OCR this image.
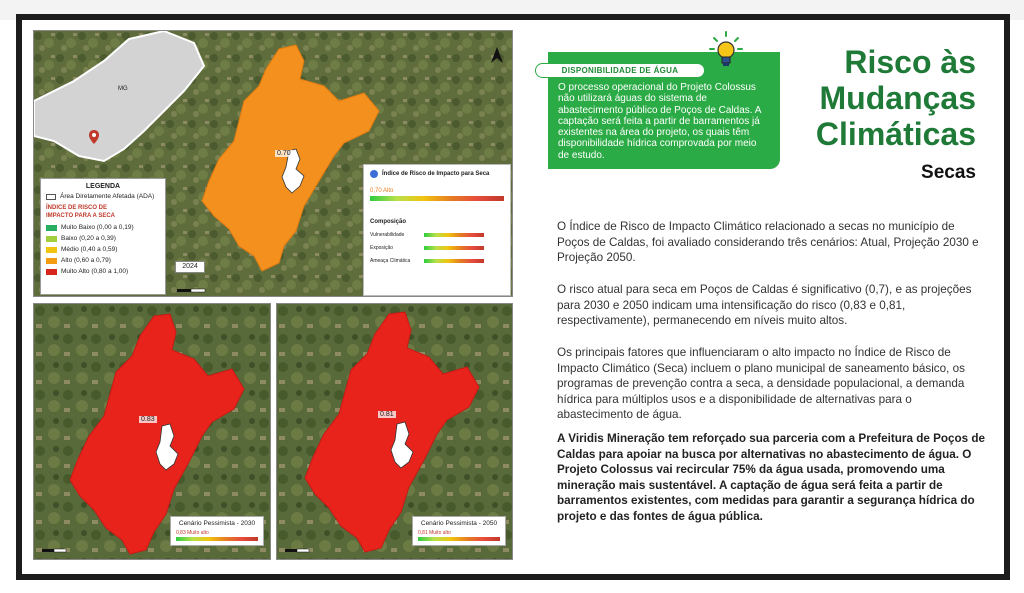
MG
0.70
LEGENDA
Área Diretamente Afetada (ADA)
ÍNDICE DE RISCO DE
IMPACTO PARA A SECA
Muito Baixo (0,00 a 0,19)
Baixo (0,20 a 0,39)
Médio (0,40 a 0,59)
Alto (0,60 a 0,79)
Muito Alto (0,80 a 1,00)
2024
Índice de Risco de Impacto para Seca
0,70 Alto
Composição
Vulnerabilidade
Exposição
Ameaça Climática
0.83
Cenário Pessimista - 2030
0,83 Muito alto
0.81
Cenário Pessimista - 2050
0,81 Muito alto
O processo operacional do Projeto Colossus não utilizará águas do sistema de abastecimento público de Poços de Caldas. A captação será feita a partir de barramentos já existentes na área do projeto, os quais têm disponibilidade hídrica comprovada por meio de estudo.
DISPONIBILIDADE DE ÁGUA	Risco às
Mudanças
Climáticas
Secas
O Índice de Risco de Impacto Climático relacionado a secas no município de Poços de Caldas, foi avaliado considerando três cenários: Atual, Projeção 2030 e Projeção 2050.
O risco atual para seca em Poços de Caldas é significativo (0,7), e as projeções para 2030 e 2050 indicam uma intensificação do risco (0,83 e 0,81, respectivamente), permanecendo em níveis muito altos.
Os principais fatores que influenciaram o alto impacto no Índice de Risco de Impacto Climático (Seca) incluem o plano municipal de saneamento básico, os programas de prevenção contra a seca, a densidade populacional, a demanda hídrica para múltiplos usos e a disponibilidade de alternativas para o abastecimento de água.
A Viridis Mineração tem reforçado sua parceria com a Prefeitura de Poços de Caldas para apoiar na busca por alternativas no abastecimento de água. O Projeto Colossus vai recircular 75% da água usada, promovendo uma mineração mais sustentável. A captação de água será feita a partir de barramentos existentes, com medidas para garantir a segurança hídrica do projeto e das fontes de água pública.
